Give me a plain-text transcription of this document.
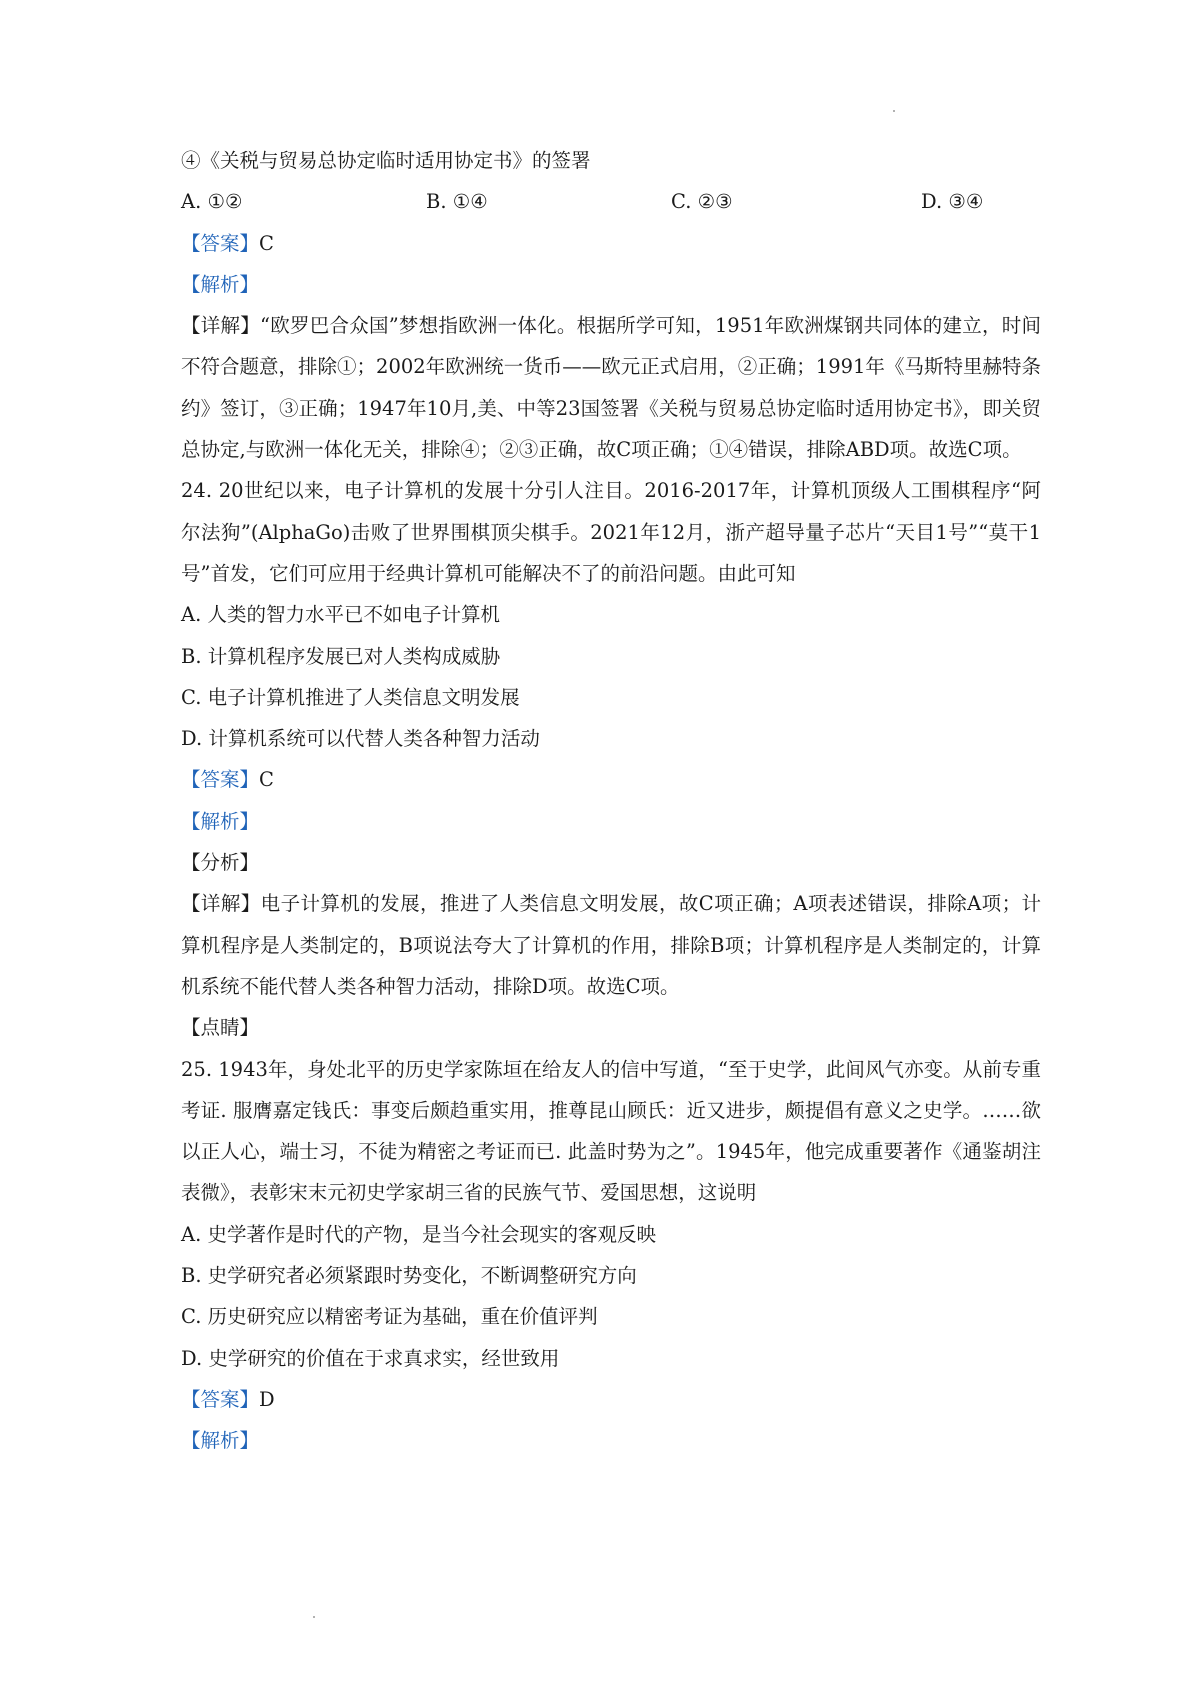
④《关税与贸易总协定临时适用协定书》的签署
A. ①②	B. ①④	C. ②③	D. ③④
【答案】C
【解析】
【详解】“欧罗巴合众国”梦想指欧洲一体化。根据所学可知，1951年欧洲煤钢共同体的建立，时间不符合题意，排除①；2002年欧洲统一货币——欧元正式启用，②正确；1991年《马斯特里赫特条约》签订，③正确；1947年10月,美、中等23国签署《关税与贸易总协定临时适用协定书》，即关贸总协定,与欧洲一体化无关，排除④；②③正确，故C项正确；①④错误，排除ABD项。故选C项。
24. 20世纪以来，电子计算机的发展十分引人注目。2016-2017年，计算机顶级人工围棋程序“阿尔法狗”(AlphaGo)击败了世界围棋顶尖棋手。2021年12月，浙产超导量子芯片“天目1号”“莫干1号”首发，它们可应用于经典计算机可能解决不了的前沿问题。由此可知
A. 人类的智力水平已不如电子计算机
B. 计算机程序发展已对人类构成威胁
C. 电子计算机推进了人类信息文明发展
D. 计算机系统可以代替人类各种智力活动
【答案】C
【解析】
【分析】
【详解】电子计算机的发展，推进了人类信息文明发展，故C项正确；A项表述错误，排除A项；计算机程序是人类制定的，B项说法夸大了计算机的作用，排除B项；计算机程序是人类制定的，计算机系统不能代替人类各种智力活动，排除D项。故选C项。
【点睛】
25. 1943年，身处北平的历史学家陈垣在给友人的信中写道，“至于史学，此间风气亦变。从前专重考证. 服膺嘉定钱氏：事变后颇趋重实用，推尊昆山顾氏：近又进步，颇提倡有意义之史学。……欲以正人心，端士习，不徒为精密之考证而已. 此盖时势为之”。1945年，他完成重要著作《通鉴胡注表微》，表彰宋末元初史学家胡三省的民族气节、爱国思想，这说明
A. 史学著作是时代的产物，是当今社会现实的客观反映
B. 史学研究者必须紧跟时势变化，不断调整研究方向
C. 历史研究应以精密考证为基础，重在价值评判
D. 史学研究的价值在于求真求实，经世致用
【答案】D
【解析】
